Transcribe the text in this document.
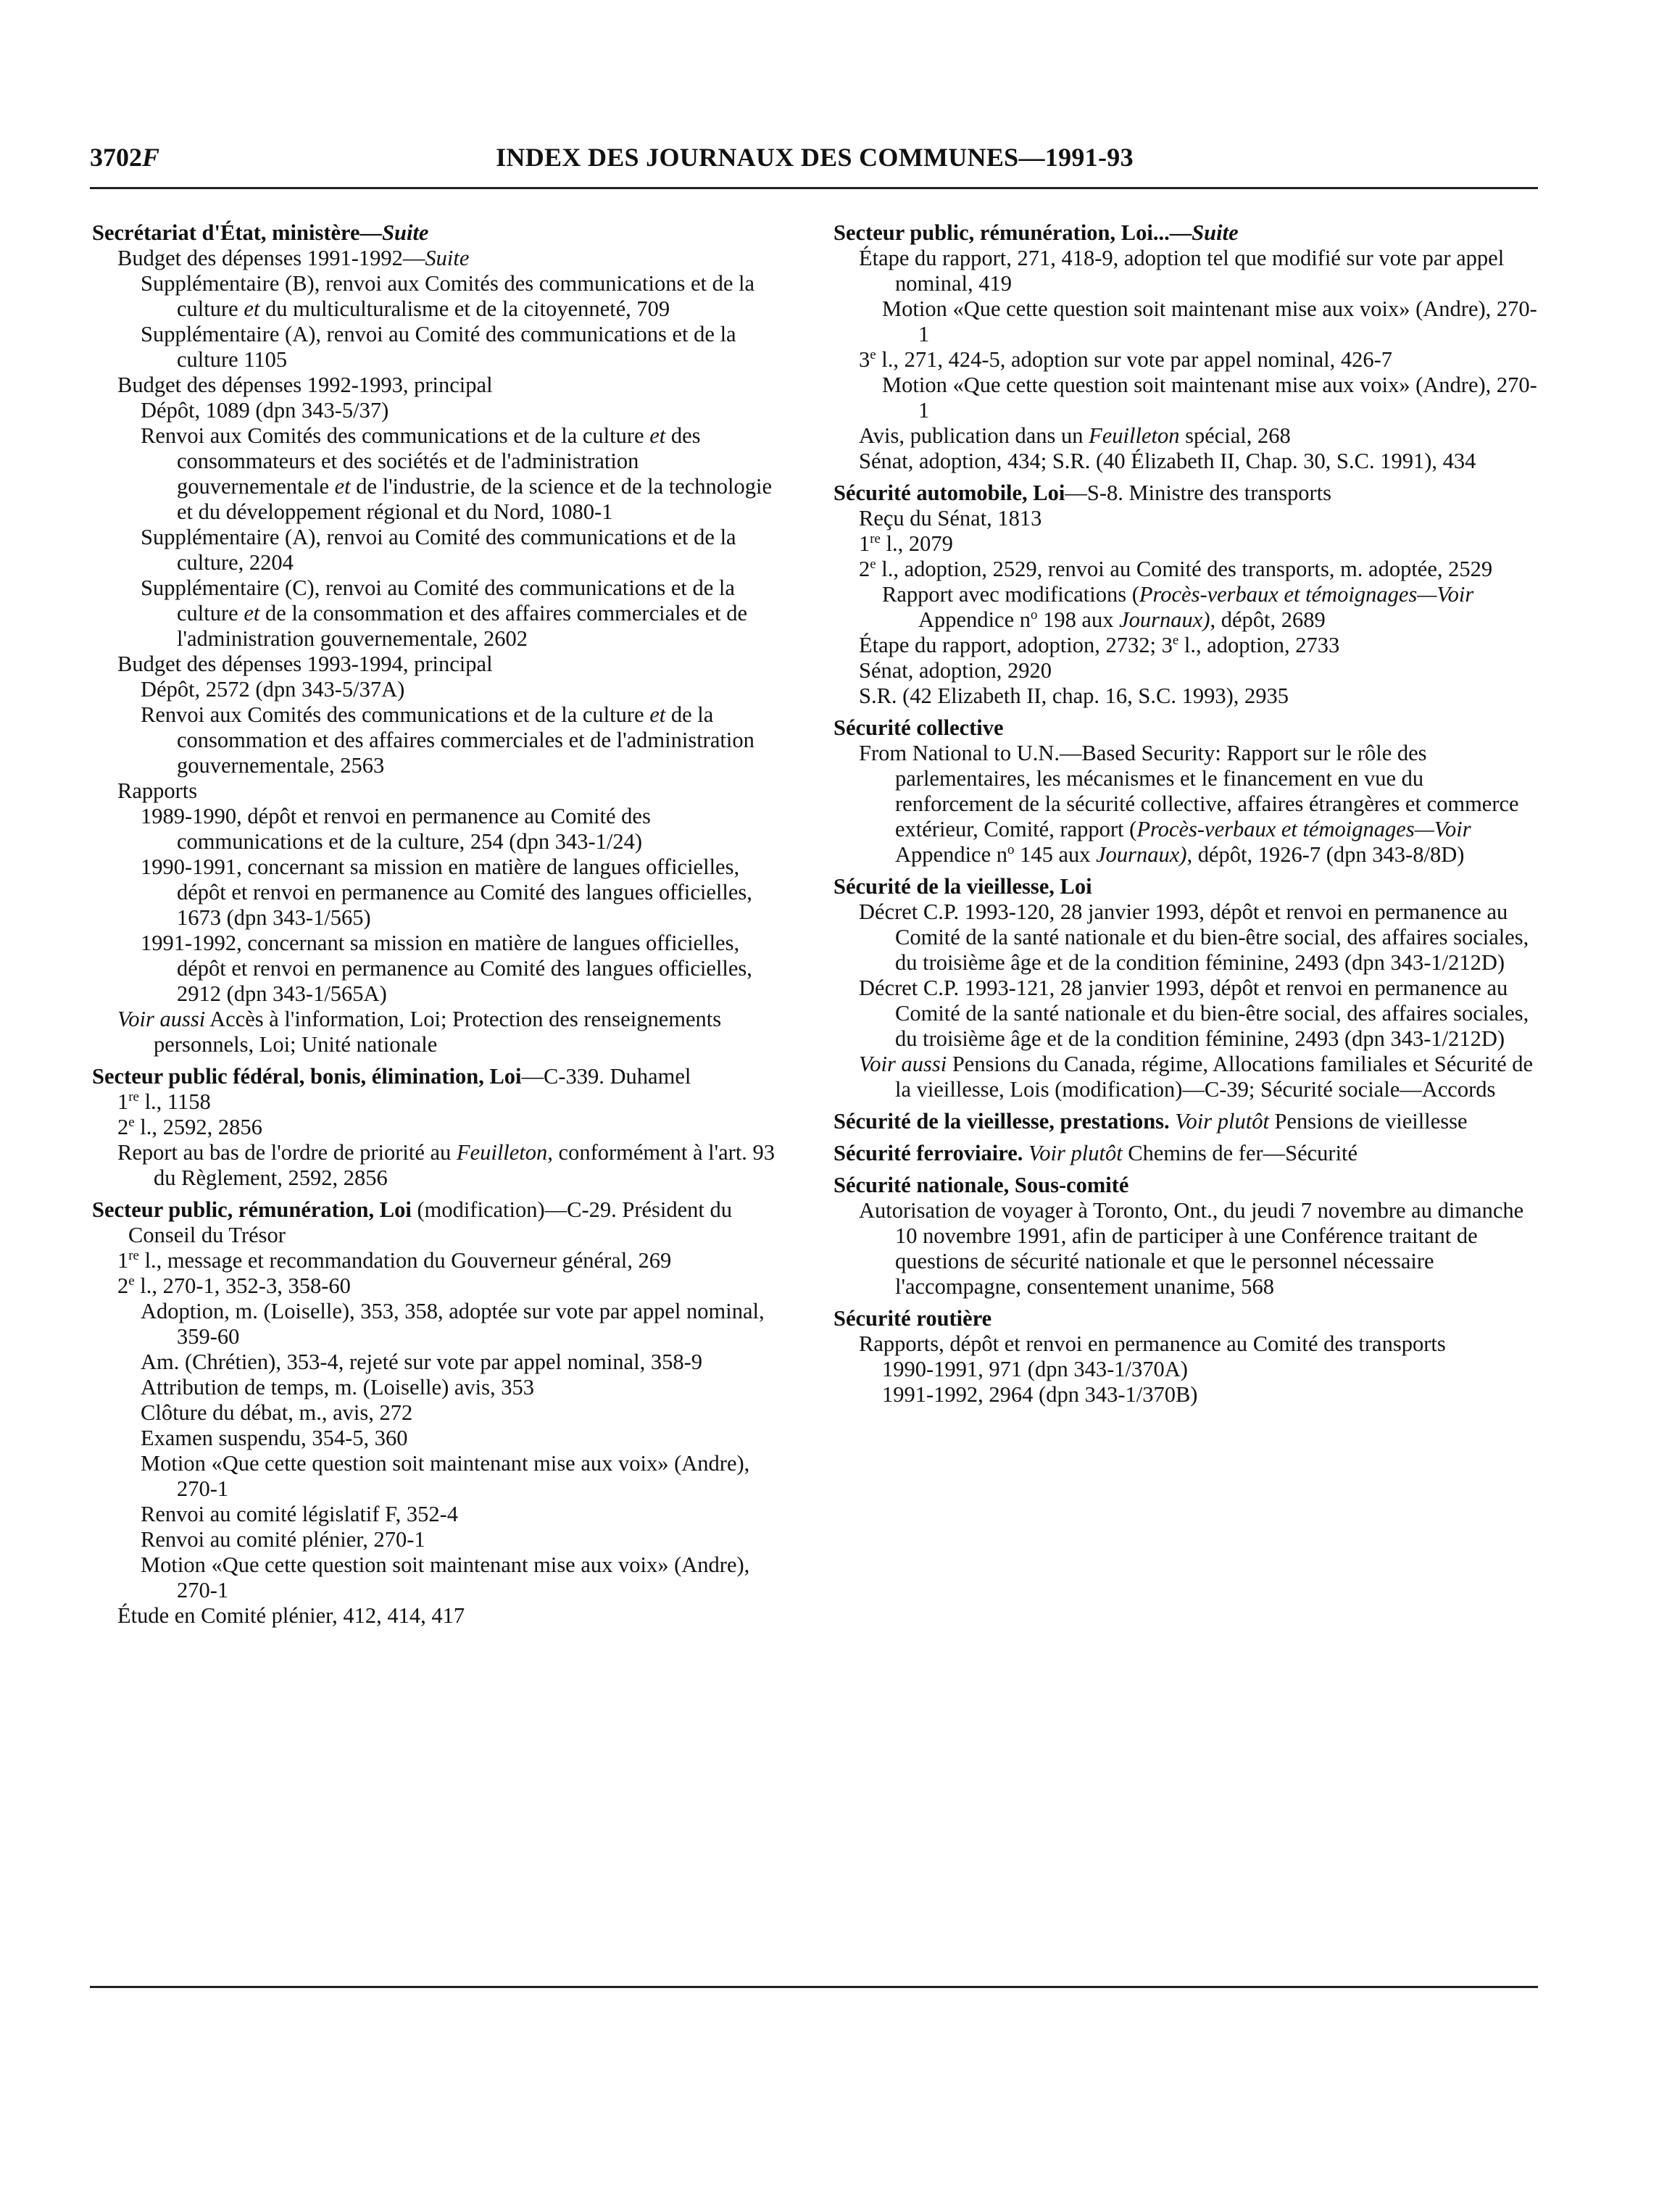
3702F	INDEX DES JOURNAUX DES COMMUNES—1991-93
Secrétariat d'État, ministère—Suite
Budget des dépenses 1991-1992—Suite
Supplémentaire (B), renvoi aux Comités des communications et de la culture et du multiculturalisme et de la citoyenneté, 709
Supplémentaire (A), renvoi au Comité des communications et de la culture 1105
Budget des dépenses 1992-1993, principal
Dépôt, 1089 (dpn 343-5/37)
Renvoi aux Comités des communications et de la culture et des consommateurs et des sociétés et de l'administration gouvernementale et de l'industrie, de la science et de la technologie et du développement régional et du Nord, 1080-1
Supplémentaire (A), renvoi au Comité des communications et de la culture, 2204
Supplémentaire (C), renvoi au Comité des communications et de la culture et de la consommation et des affaires commerciales et de l'administration gouvernementale, 2602
Budget des dépenses 1993-1994, principal
Dépôt, 2572 (dpn 343-5/37A)
Renvoi aux Comités des communications et de la culture et de la consommation et des affaires commerciales et de l'administration gouvernementale, 2563
Rapports
1989-1990, dépôt et renvoi en permanence au Comité des communications et de la culture, 254 (dpn 343-1/24)
1990-1991, concernant sa mission en matière de langues officielles, dépôt et renvoi en permanence au Comité des langues officielles, 1673 (dpn 343-1/565)
1991-1992, concernant sa mission en matière de langues officielles, dépôt et renvoi en permanence au Comité des langues officielles, 2912 (dpn 343-1/565A)
Voir aussi Accès à l'information, Loi; Protection des renseignements personnels, Loi; Unité nationale
Secteur public fédéral, bonis, élimination, Loi—C-339. Duhamel
1re l., 1158
2e l., 2592, 2856
Report au bas de l'ordre de priorité au Feuilleton, conformément à l'art. 93 du Règlement, 2592, 2856
Secteur public, rémunération, Loi (modification)—C-29. Président du Conseil du Trésor
1re l., message et recommandation du Gouverneur général, 269
2e l., 270-1, 352-3, 358-60
Adoption, m. (Loiselle), 353, 358, adoptée sur vote par appel nominal, 359-60
Am. (Chrétien), 353-4, rejeté sur vote par appel nominal, 358-9
Attribution de temps, m. (Loiselle) avis, 353
Clôture du débat, m., avis, 272
Examen suspendu, 354-5, 360
Motion «Que cette question soit maintenant mise aux voix» (Andre), 270-1
Renvoi au comité législatif F, 352-4
Renvoi au comité plénier, 270-1
Motion «Que cette question soit maintenant mise aux voix» (Andre), 270-1
Étude en Comité plénier, 412, 414, 417
Secteur public, rémunération, Loi...—Suite
Étape du rapport, 271, 418-9, adoption tel que modifié sur vote par appel nominal, 419
Motion «Que cette question soit maintenant mise aux voix» (Andre), 270-1
3e l., 271, 424-5, adoption sur vote par appel nominal, 426-7
Motion «Que cette question soit maintenant mise aux voix» (Andre), 270-1
Avis, publication dans un Feuilleton spécial, 268
Sénat, adoption, 434; S.R. (40 Élizabeth II, Chap. 30, S.C. 1991), 434
Sécurité automobile, Loi—S-8. Ministre des transports
Reçu du Sénat, 1813
1re l., 2079
2e l., adoption, 2529, renvoi au Comité des transports, m. adoptée, 2529
Rapport avec modifications (Procès-verbaux et témoignages—Voir Appendice $n^o$ 198 aux Journaux), dépôt, 2689
Étape du rapport, adoption, 2732; 3e l., adoption, 2733
Sénat, adoption, 2920
S.R. (42 Elizabeth II, chap. 16, S.C. 1993), 2935
Sécurité collective
From National to U.N.—Based Security: Rapport sur le rôle des parlementaires, les mécanismes et le financement en vue du renforcement de la sécurité collective, affaires étrangères et commerce extérieur, Comité, rapport (Procès-verbaux et témoignages—Voir Appendice $n^o$ 145 aux Journaux), dépôt, 1926-7 (dpn 343-8/8D)
Sécurité de la vieillesse, Loi
Décret C.P. 1993-120, 28 janvier 1993, dépôt et renvoi en permanence au Comité de la santé nationale et du bien-être social, des affaires sociales, du troisième âge et de la condition féminine, 2493 (dpn 343-1/212D)
Décret C.P. 1993-121, 28 janvier 1993, dépôt et renvoi en permanence au Comité de la santé nationale et du bien-être social, des affaires sociales, du troisième âge et de la condition féminine, 2493 (dpn 343-1/212D)
Voir aussi Pensions du Canada, régime, Allocations familiales et Sécurité de la vieillesse, Lois (modification)—C-39; Sécurité sociale—Accords
Sécurité de la vieillesse, prestations. Voir plutôt Pensions de vieillesse
Sécurité ferroviaire. Voir plutôt Chemins de fer—Sécurité
Sécurité nationale, Sous-comité
Autorisation de voyager à Toronto, Ont., du jeudi 7 novembre au dimanche 10 novembre 1991, afin de participer à une Conférence traitant de questions de sécurité nationale et que le personnel nécessaire l'accompagne, consentement unanime, 568
Sécurité routière
Rapports, dépôt et renvoi en permanence au Comité des transports
1990-1991, 971 (dpn 343-1/370A)
1991-1992, 2964 (dpn 343-1/370B)
